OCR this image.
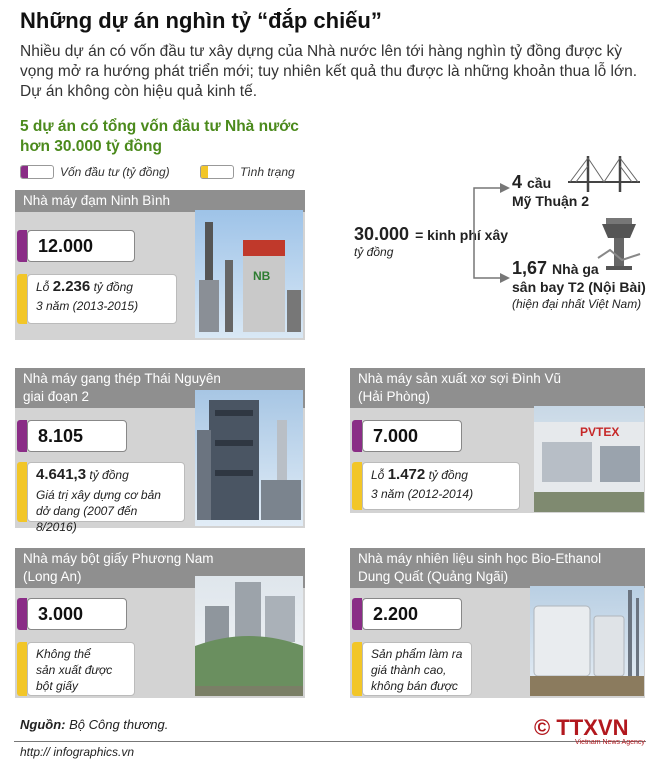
Những dự án nghìn tỷ “đắp chiếu”
Nhiều dự án có vốn đầu tư xây dựng của Nhà nước lên tới hàng nghìn tỷ đồng được kỳ vọng mở ra hướng phát triển mới; tuy nhiên kết quả thu được là những khoản thua lỗ lớn. Dự án không còn hiệu quả kinh tế.
5 dự án có tổng vốn đầu tư Nhà nước
hơn 30.000 tỷ đồng
Vốn đầu tư (tỷ đồng)	Tình trạng
30.000 = kinh phí xây
tỷ đồng
4 cầu
Mỹ Thuận 2
1,67 Nhà ga
sân bay T2 (Nội Bài)
(hiện đại nhất Việt Nam)
Nhà máy đạm Ninh Bình
12.000
Lỗ 2.236 tỷ đồng
3 năm (2013-2015)
NB
Nhà máy gang thép Thái Nguyên
giai đoạn 2
8.105
4.641,3 tỷ đồng
Giá trị xây dựng cơ bản
dở dang (2007 đến 8/2016)
Nhà máy sản xuất xơ sợi Đình Vũ
(Hải Phòng)
7.000
Lỗ 1.472 tỷ đồng
3 năm (2012-2014)
PVTEX
Nhà máy bột giấy Phương Nam
(Long An)
3.000
Không thể
sản xuất được
bột giấy
Nhà máy nhiên liệu sinh học Bio-Ethanol
Dung Quất (Quảng Ngãi)
2.200
Sản phẩm làm ra
giá thành cao,
không bán được
Nguồn: Bộ Công thương.
http:// infographics.vn
© TTXVN
Vietnam News Agency
